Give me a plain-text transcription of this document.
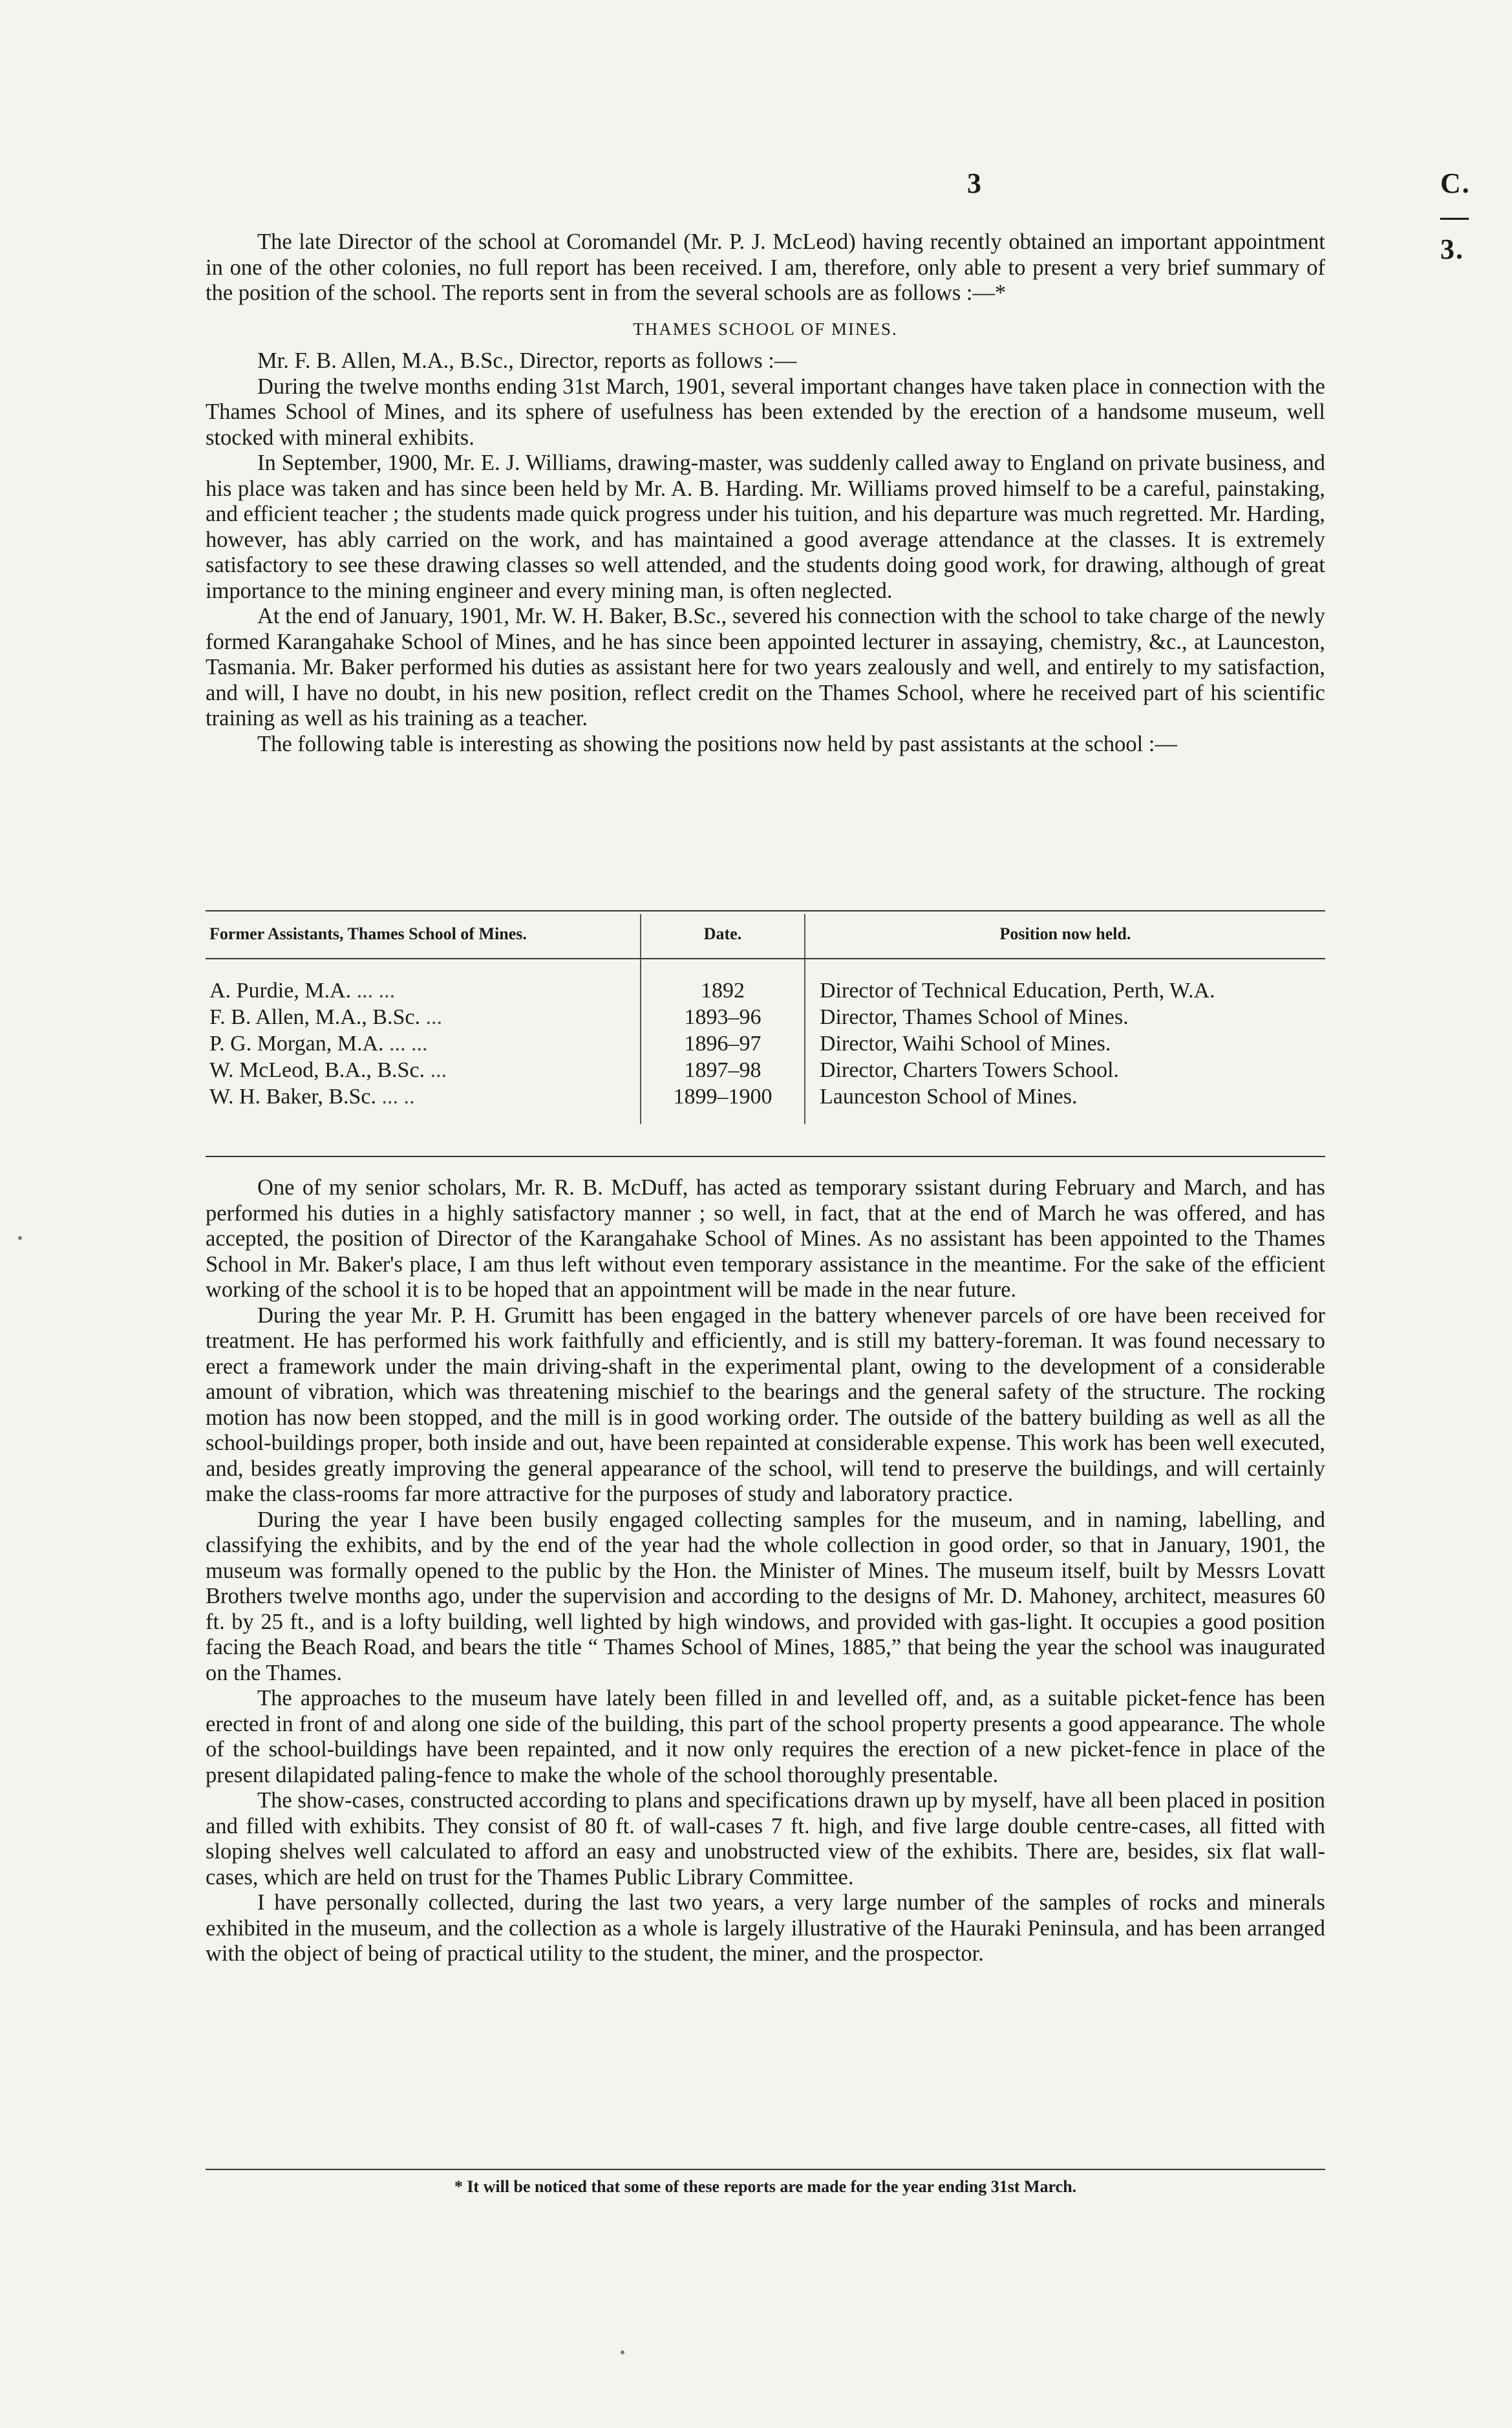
3	C.—3.

The late Director of the school at Coromandel (Mr. P. J. McLeod) having recently obtained an important appointment in one of the other colonies, no full report has been received. I am, therefore, only able to present a very brief summary of the position of the school. The reports sent in from the several schools are as follows :—*

THAMES SCHOOL OF MINES.

Mr. F. B. Allen, M.A., B.Sc., Director, reports as follows :—

During the twelve months ending 31st March, 1901, several important changes have taken place in connection with the Thames School of Mines, and its sphere of usefulness has been extended by the erection of a handsome museum, well stocked with mineral exhibits.

In September, 1900, Mr. E. J. Williams, drawing-master, was suddenly called away to England on private business, and his place was taken and has since been held by Mr. A. B. Harding. Mr. Williams proved himself to be a careful, painstaking, and efficient teacher ; the students made quick progress under his tuition, and his departure was much regretted. Mr. Harding, however, has ably carried on the work, and has maintained a good average attendance at the classes. It is extremely satisfactory to see these drawing classes so well attended, and the students doing good work, for drawing, although of great importance to the mining engineer and every mining man, is often neglected.

At the end of January, 1901, Mr. W. H. Baker, B.Sc., severed his connection with the school to take charge of the newly formed Karangahake School of Mines, and he has since been appointed lecturer in assaying, chemistry, &c., at Launceston, Tasmania. Mr. Baker performed his duties as assistant here for two years zealously and well, and entirely to my satisfaction, and will, I have no doubt, in his new position, reflect credit on the Thames School, where he received part of his scientific training as well as his training as a teacher.

The following table is interesting as showing the positions now held by past assistants at the school :—

Former Assistants, Thames School of Mines.	Date.	Position now held.
A. Purdie, M.A. ... ...	1892	Director of Technical Education, Perth, W.A.
F. B. Allen, M.A., B.Sc. ...	1893–96	Director, Thames School of Mines.
P. G. Morgan, M.A. ... ...	1896–97	Director, Waihi School of Mines.
W. McLeod, B.A., B.Sc. ...	1897–98	Director, Charters Towers School.
W. H. Baker, B.Sc. ... ..	1899–1900	Launceston School of Mines.

One of my senior scholars, Mr. R. B. McDuff, has acted as temporary ssistant during February and March, and has performed his duties in a highly satisfactory manner ; so well, in fact, that at the end of March he was offered, and has accepted, the position of Director of the Karangahake School of Mines. As no assistant has been appointed to the Thames School in Mr. Baker's place, I am thus left without even temporary assistance in the meantime. For the sake of the efficient working of the school it is to be hoped that an appointment will be made in the near future.

During the year Mr. P. H. Grumitt has been engaged in the battery whenever parcels of ore have been received for treatment. He has performed his work faithfully and efficiently, and is still my battery-foreman. It was found necessary to erect a framework under the main driving-shaft in the experimental plant, owing to the development of a considerable amount of vibration, which was threatening mischief to the bearings and the general safety of the structure. The rocking motion has now been stopped, and the mill is in good working order. The outside of the battery building as well as all the school-buildings proper, both inside and out, have been repainted at considerable expense. This work has been well executed, and, besides greatly improving the general appearance of the school, will tend to preserve the buildings, and will certainly make the class-rooms far more attractive for the purposes of study and laboratory practice.

During the year I have been busily engaged collecting samples for the museum, and in naming, labelling, and classifying the exhibits, and by the end of the year had the whole collection in good order, so that in January, 1901, the museum was formally opened to the public by the Hon. the Minister of Mines. The museum itself, built by Messrs Lovatt Brothers twelve months ago, under the supervision and according to the designs of Mr. D. Mahoney, architect, measures 60 ft. by 25 ft., and is a lofty building, well lighted by high windows, and provided with gas-light. It occupies a good position facing the Beach Road, and bears the title “ Thames School of Mines, 1885,” that being the year the school was inaugurated on the Thames.

The approaches to the museum have lately been filled in and levelled off, and, as a suitable picket-fence has been erected in front of and along one side of the building, this part of the school property presents a good appearance. The whole of the school-buildings have been repainted, and it now only requires the erection of a new picket-fence in place of the present dilapidated paling-fence to make the whole of the school thoroughly presentable.

The show-cases, constructed according to plans and specifications drawn up by myself, have all been placed in position and filled with exhibits. They consist of 80 ft. of wall-cases 7 ft. high, and five large double centre-cases, all fitted with sloping shelves well calculated to afford an easy and unobstructed view of the exhibits. There are, besides, six flat wall-cases, which are held on trust for the Thames Public Library Committee.

I have personally collected, during the last two years, a very large number of the samples of rocks and minerals exhibited in the museum, and the collection as a whole is largely illustrative of the Hauraki Peninsula, and has been arranged with the object of being of practical utility to the student, the miner, and the prospector.

* It will be noticed that some of these reports are made for the year ending 31st March.
